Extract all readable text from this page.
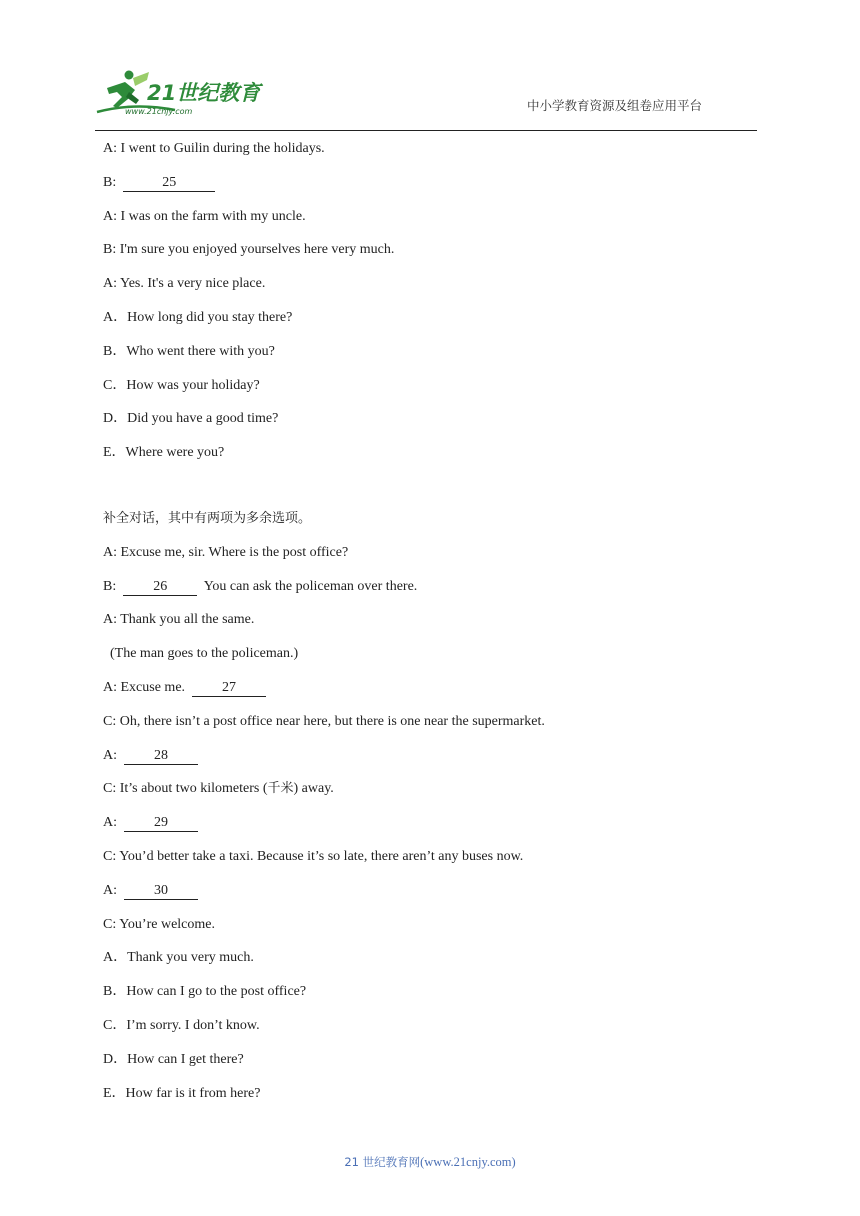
21世纪教育
www.21cnjy.com	中小学教育资源及组卷应用平台
A: I went to Guilin during the holidays.
B:	25
A: I was on the farm with my uncle.
B: I'm sure you enjoyed yourselves here very much.
A: Yes. It's a very nice place.
A．How long did you stay there?
B．Who went there with you?
C．How was your holiday?
D．Did you have a good time?
E．Where were you?
补全对话，其中有两项为多余选项。
A: Excuse me, sir. Where is the post office?
B:	26	You can ask the policeman over there.
A: Thank you all the same.
(The man goes to the policeman.)
A: Excuse me.	27
C: Oh, there isn’t a post office near here, but there is one near the supermarket.
A:	28
C: It’s about two kilometers (千米) away.
A:	29
C: You’d better take a taxi. Because it’s so late, there aren’t any buses now.
A:	30
C: You’re welcome.
A．Thank you very much.
B．How can I go to the post office?
C．I’m sorry. I don’t know.
D．How can I get there?
E．How far is it from here?
21 世纪教育网(www.21cnjy.com)
